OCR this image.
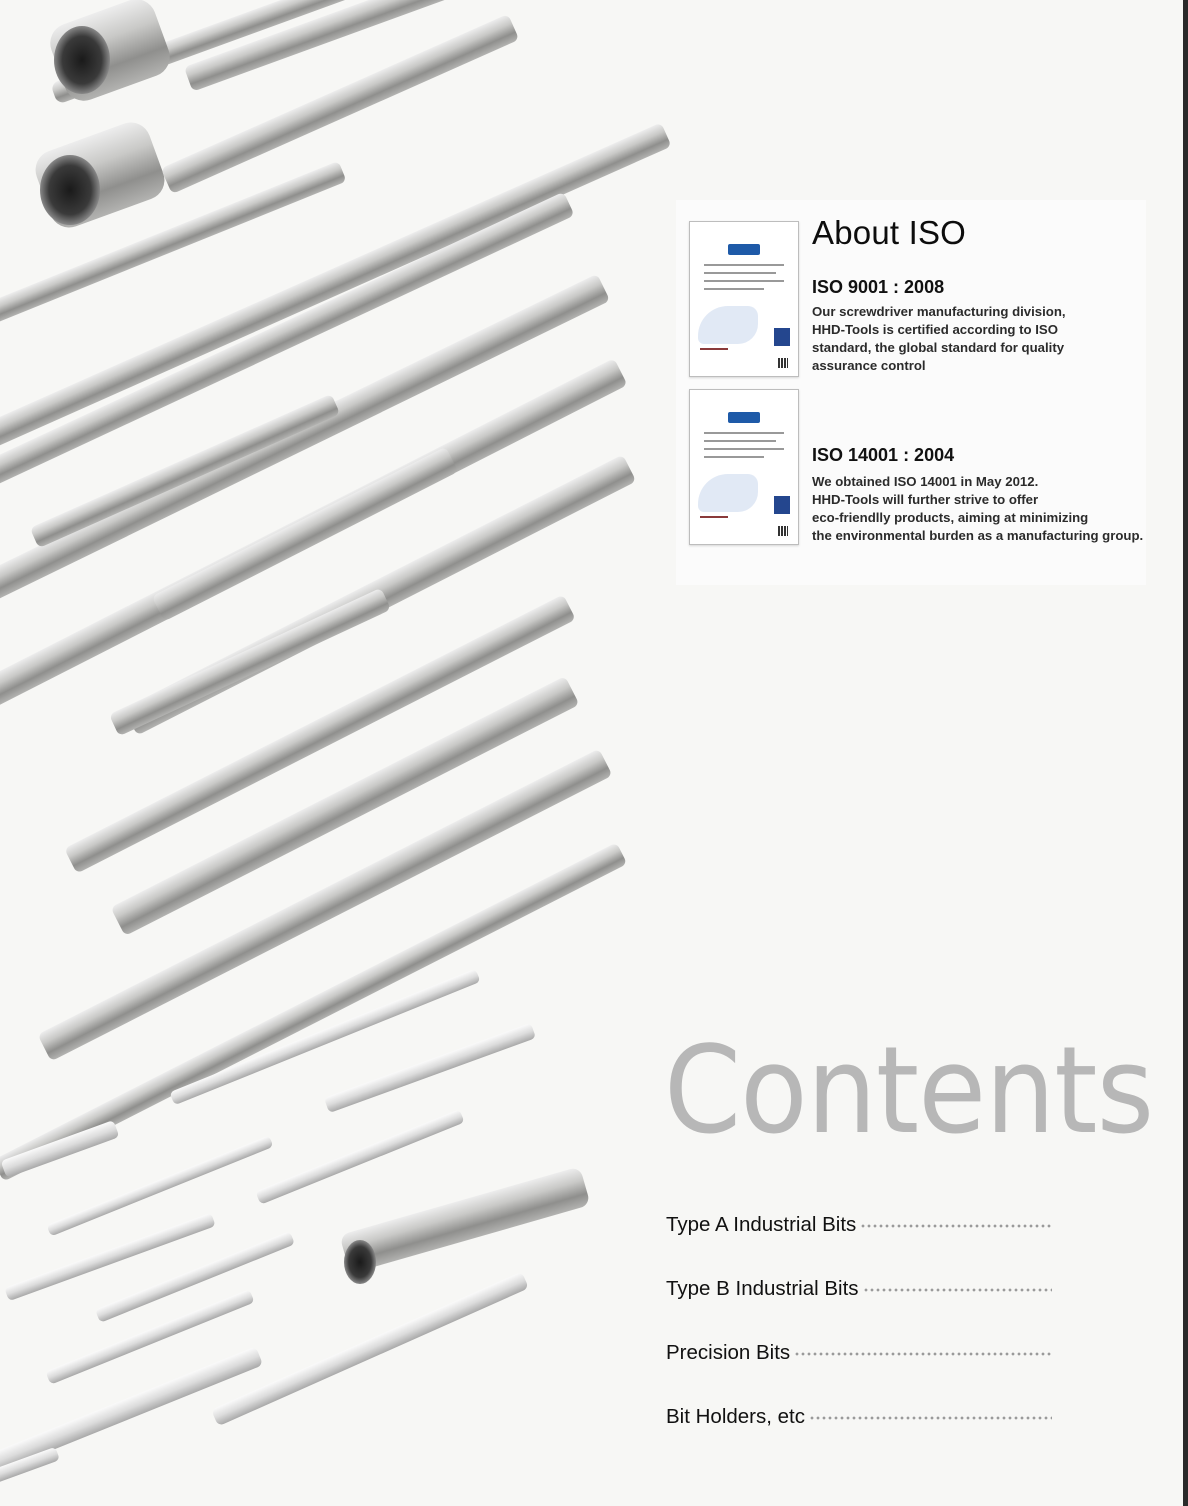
About ISO
ISO 9001 : 2008

Our screwdriver manufacturing division,
HHD-Tools is certified according to ISO
standard, the global standard for quality
assurance control

ISO 14001 : 2004

We obtained ISO 14001 in May 2012.
HHD-Tools will further strive to offer
eco-friendlly products, aiming at minimizing
the environmental burden as a manufacturing group.

Contents
Type A Industrial Bits
Type B Industrial Bits
Precision Bits
Bit Holders, etc
